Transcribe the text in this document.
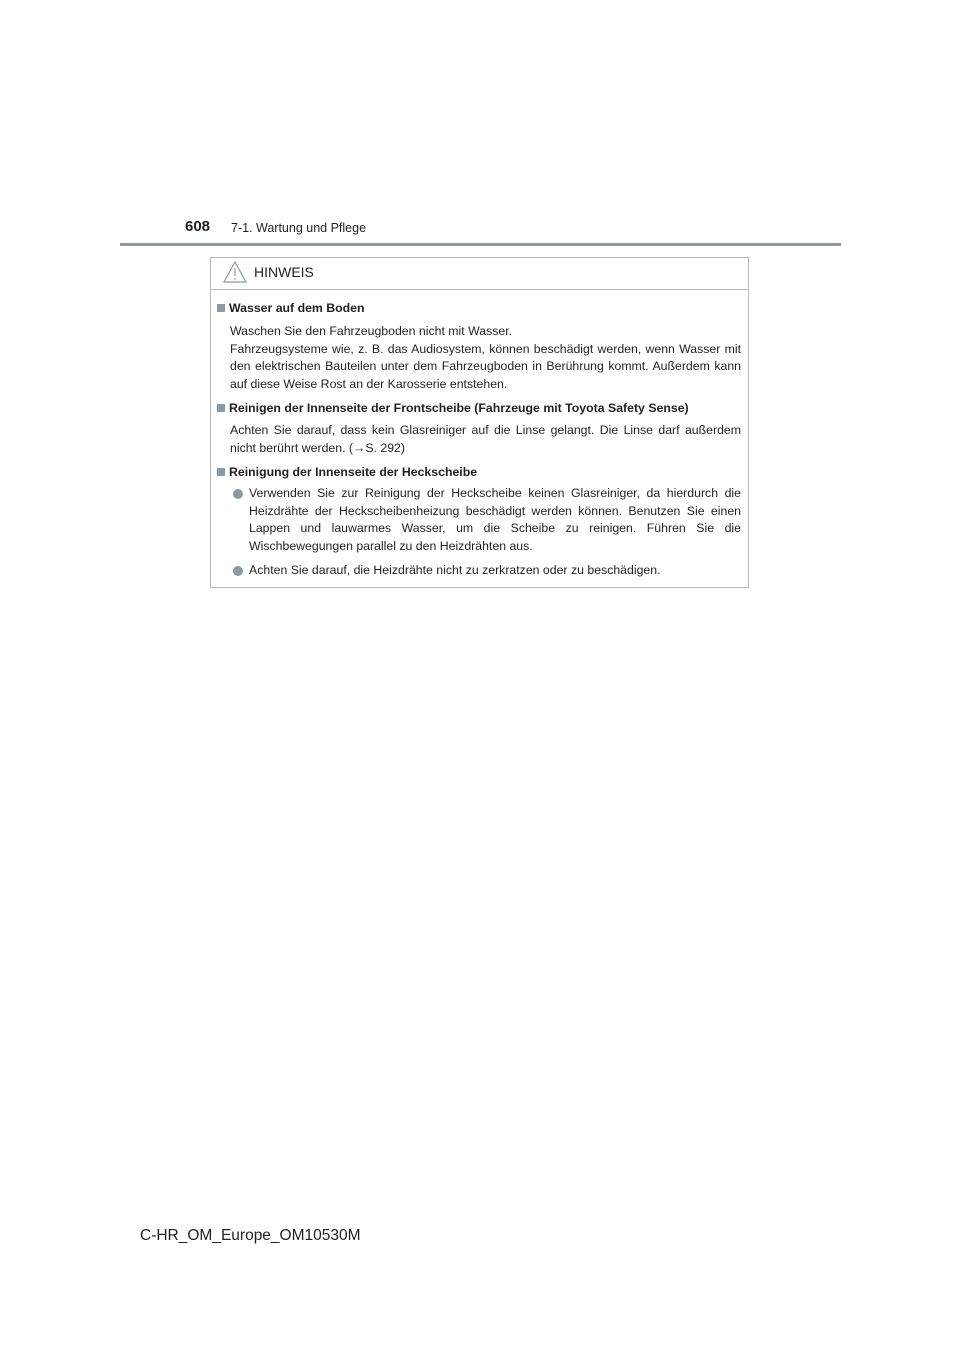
608 7-1. Wartung und Pflege
HINWEIS
Wasser auf dem Boden
Waschen Sie den Fahrzeugboden nicht mit Wasser.
Fahrzeugsysteme wie, z. B. das Audiosystem, können beschädigt werden, wenn Wasser mit den elektrischen Bauteilen unter dem Fahrzeugboden in Berührung kommt. Außerdem kann auf diese Weise Rost an der Karosserie entstehen.
Reinigen der Innenseite der Frontscheibe (Fahrzeuge mit Toyota Safety Sense)
Achten Sie darauf, dass kein Glasreiniger auf die Linse gelangt. Die Linse darf außerdem nicht berührt werden. (→S. 292)
Reinigung der Innenseite der Heckscheibe
Verwenden Sie zur Reinigung der Heckscheibe keinen Glasreiniger, da hierdurch die Heizdrähte der Heckscheibenheizung beschädigt werden können. Benutzen Sie einen Lappen und lauwarmes Wasser, um die Scheibe zu reinigen. Führen Sie die Wischbewegungen parallel zu den Heizdrähten aus.
Achten Sie darauf, die Heizdrähte nicht zu zerkratzen oder zu beschädigen.
C-HR_OM_Europe_OM10530M
